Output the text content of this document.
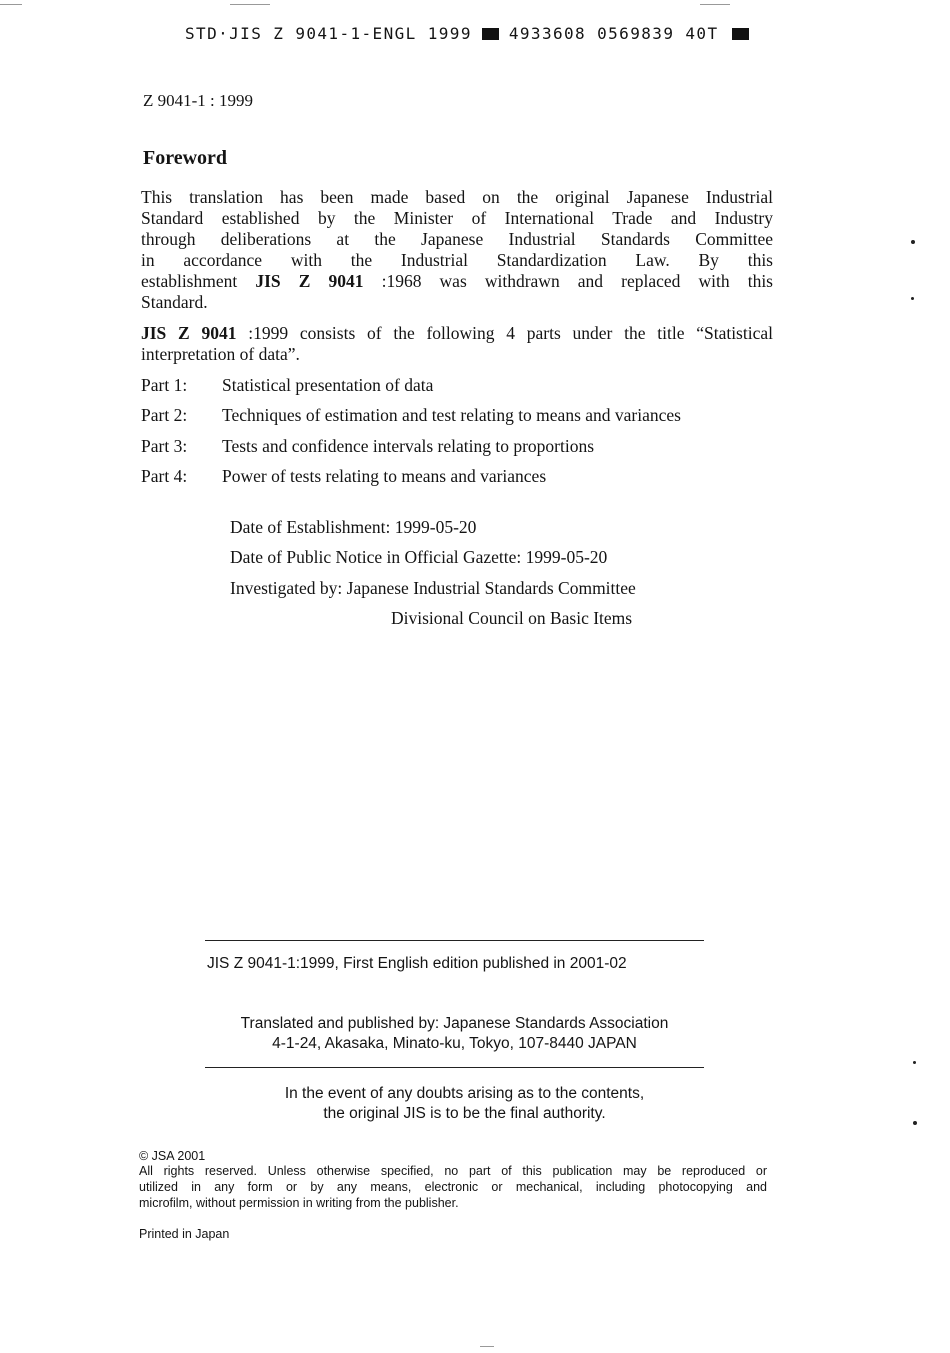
STD·JIS Z 9041-1-ENGL 1999 4933608 0569839 40T
Z 9041-1 : 1999
Foreword
This translation has been made based on the original Japanese Industrial
Standard established by the Minister of International Trade and Industry
through deliberations at the Japanese Industrial Standards Committee
in accordance with the Industrial Standardization Law. By this
establishment JIS Z 9041 :1968 was withdrawn and replaced with this
Standard.
JIS Z 9041 :1999 consists of the following 4 parts under the title “Statistical
interpretation of data”.
Part 1: Statistical presentation of data
Part 2: Techniques of estimation and test relating to means and variances
Part 3: Tests and confidence intervals relating to proportions
Part 4: Power of tests relating to means and variances
Date of Establishment: 1999-05-20
Date of Public Notice in Official Gazette: 1999-05-20
Investigated by: Japanese Industrial Standards Committee
Divisional Council on Basic Items
JIS Z 9041-1:1999, First English edition published in 2001-02
Translated and published by: Japanese Standards Association
4-1-24, Akasaka, Minato-ku, Tokyo, 107-8440 JAPAN
In the event of any doubts arising as to the contents,
the original JIS is to be the final authority.
© JSA 2001
All rights reserved. Unless otherwise specified, no part of this publication may be reproduced or
utilized in any form or by any means, electronic or mechanical, including photocopying and
microfilm, without permission in writing from the publisher.
Printed in Japan
